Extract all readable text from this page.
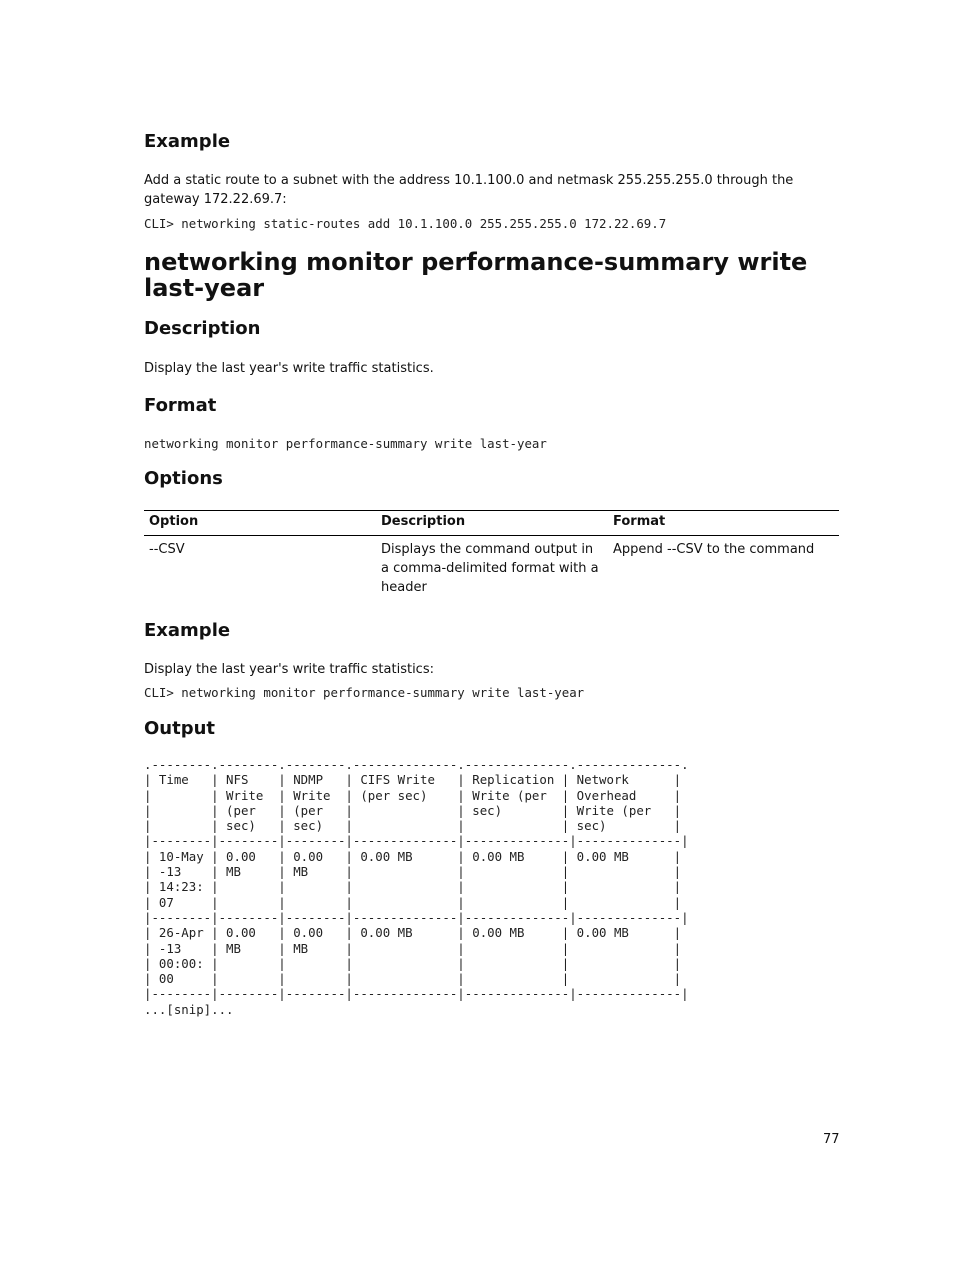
Example

Add a static route to a subnet with the address 10.1.100.0 and netmask 255.255.255.0 through the gateway 172.22.69.7:

CLI> networking static-routes add 10.1.100.0 255.255.255.0 172.22.69.7
networking monitor performance-summary write last-year
Description

Display the last year's write traffic statistics.

Format
networking monitor performance-summary write last-year
Options
Option	Description	Format
--CSV	Displays the command output in a comma-delimited format with a header	Append --CSV to the command
Example

Display the last year's write traffic statistics:

CLI> networking monitor performance-summary write last-year
Output
.--------.--------.--------.--------------.--------------.--------------.
| Time   | NFS    | NDMP   | CIFS Write   | Replication | Network      |
|        | Write  | Write  | (per sec)    | Write (per  | Overhead     |
|        | (per   | (per   |              | sec)        | Write (per   |
|        | sec)   | sec)   |              |             | sec)         |
|--------|--------|--------|--------------|--------------|--------------|
| 10-May | 0.00   | 0.00   | 0.00 MB      | 0.00 MB     | 0.00 MB      |
| -13    | MB     | MB     |              |             |              |
| 14:23: |        |        |              |             |              |
| 07     |        |        |              |             |              |
|--------|--------|--------|--------------|--------------|--------------|
| 26-Apr | 0.00   | 0.00   | 0.00 MB      | 0.00 MB     | 0.00 MB      |
| -13    | MB     | MB     |              |             |              |
| 00:00: |        |        |              |             |              |
| 00     |        |        |              |             |              |
|--------|--------|--------|--------------|--------------|--------------|
...[snip]...
77
